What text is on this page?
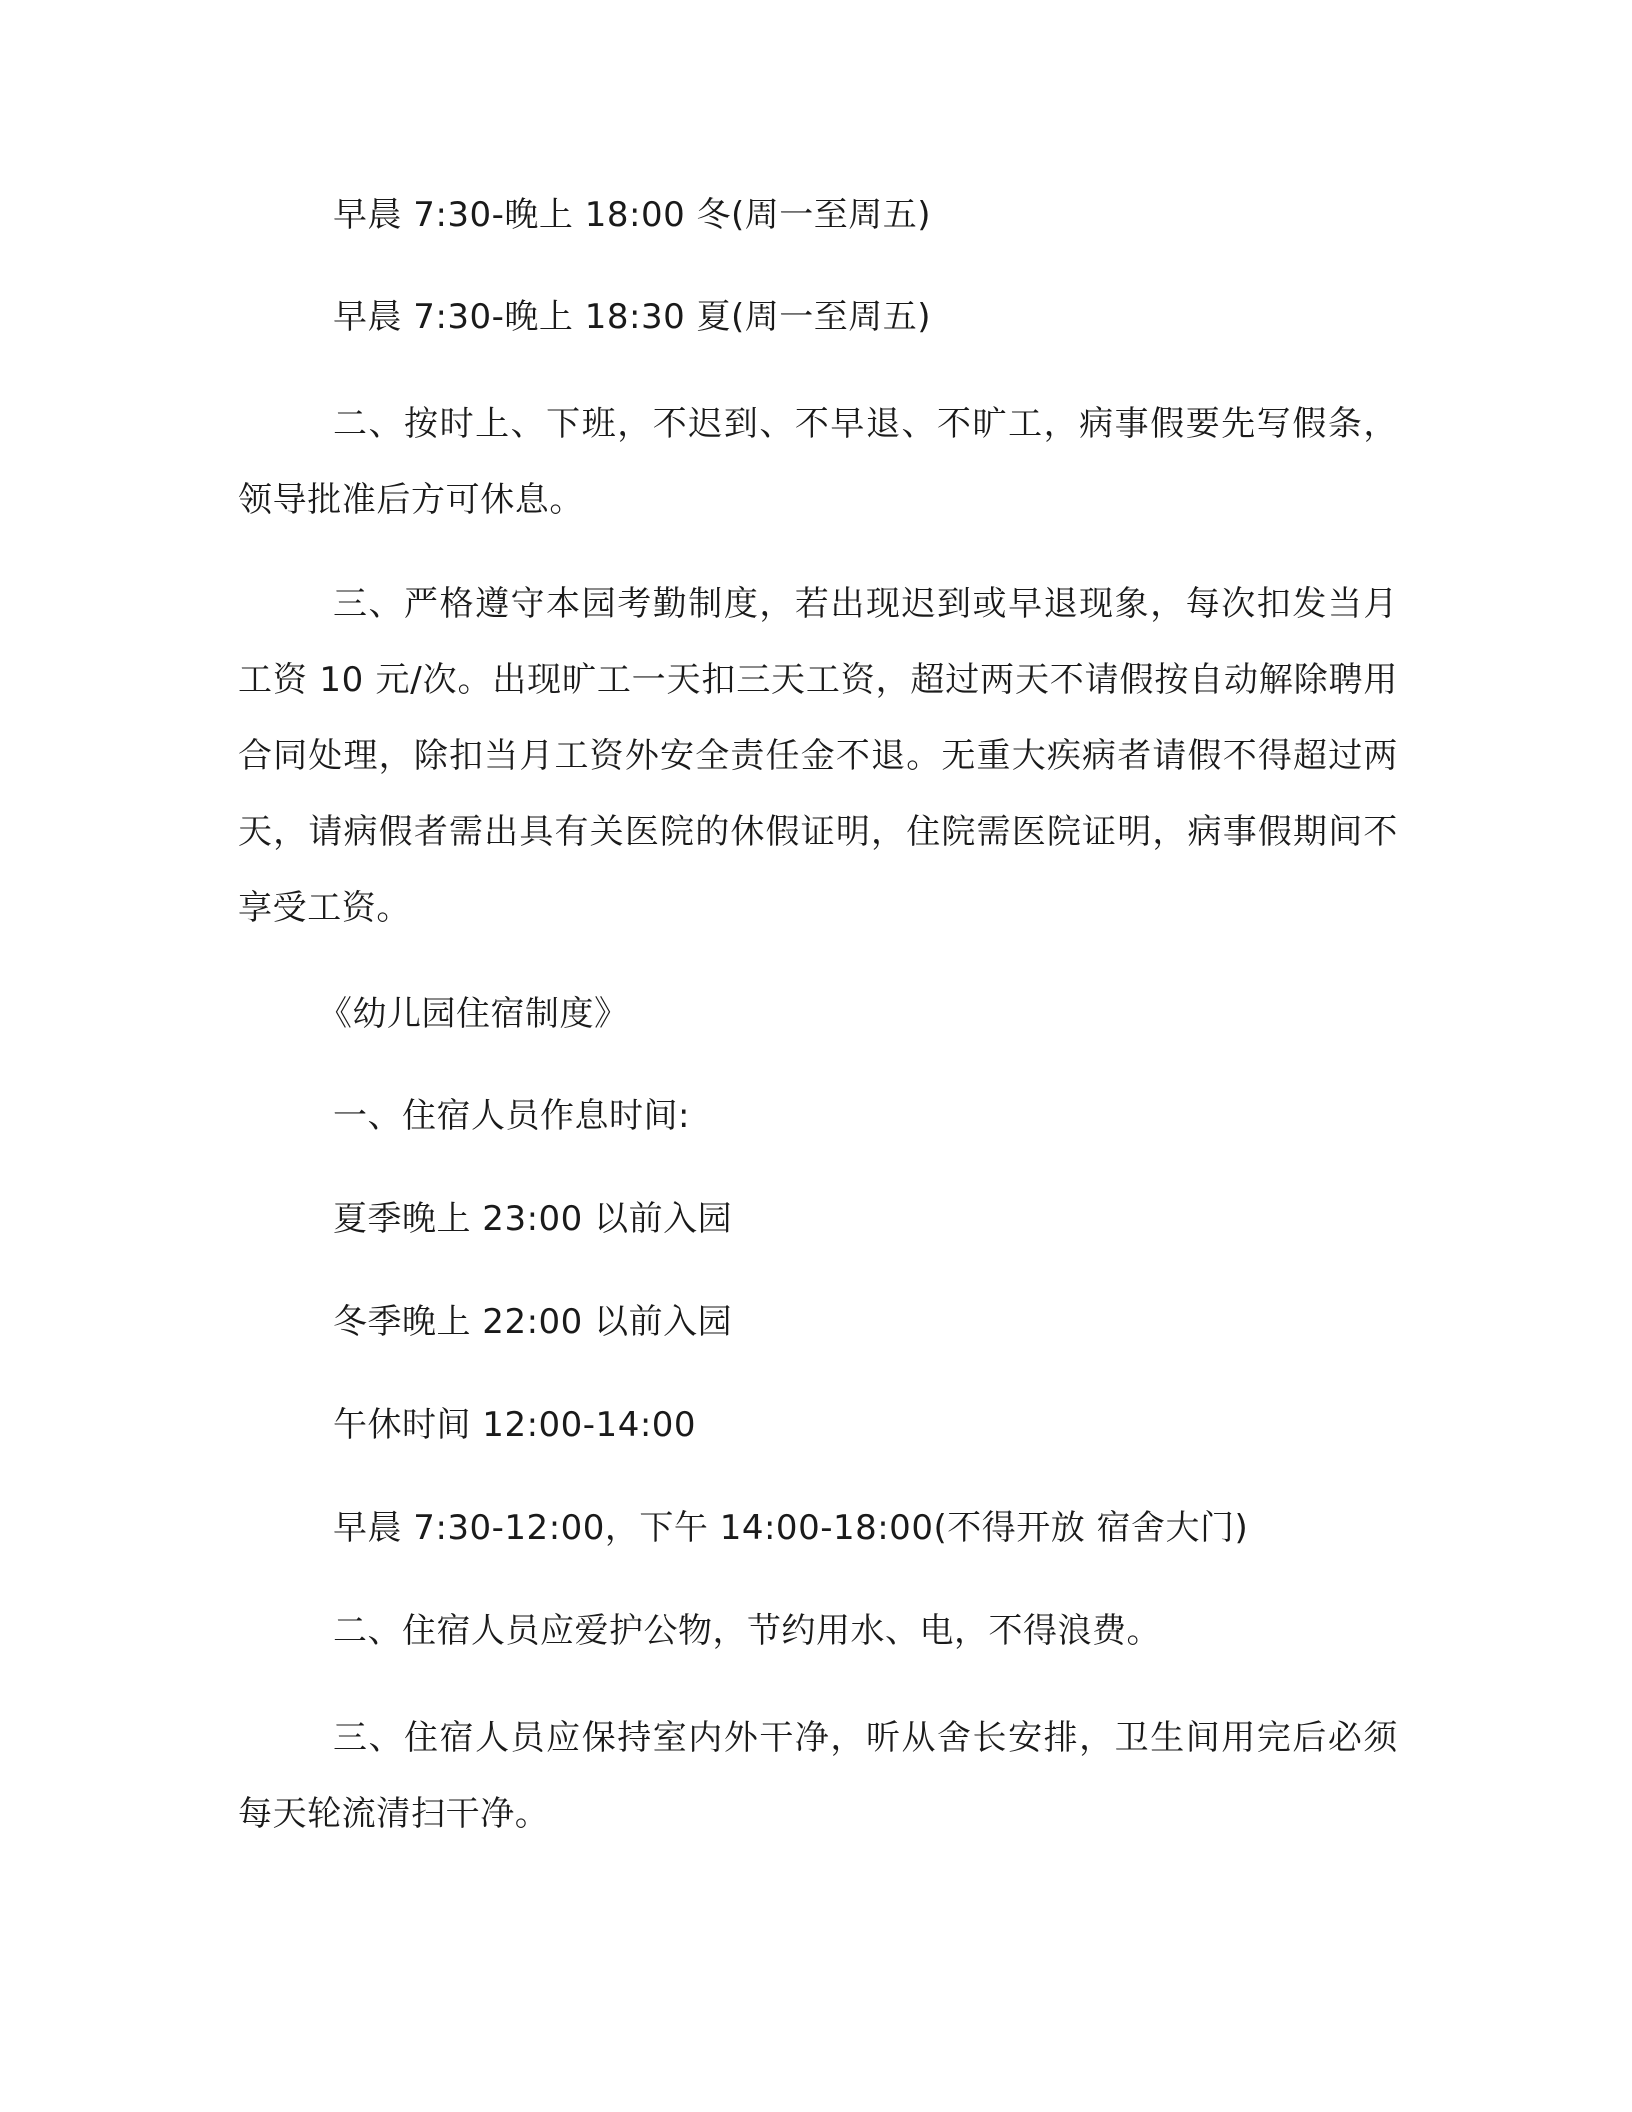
早晨 7:30-晚上 18:00 冬(周一至周五)
早晨 7:30-晚上 18:30 夏(周一至周五)
二、按时上、下班，不迟到、不早退、不旷工，病事假要先写假条，领导批准后方可休息。
三、严格遵守本园考勤制度，若出现迟到或早退现象，每次扣发当月工资 10 元/次。出现旷工一天扣三天工资，超过两天不请假按自动解除聘用合同处理，除扣当月工资外安全责任金不退。无重大疾病者请假不得超过两天，请病假者需出具有关医院的休假证明，住院需医院证明，病事假期间不享受工资。
《幼儿园住宿制度》
一、住宿人员作息时间:
夏季晚上 23:00 以前入园
冬季晚上 22:00 以前入园
午休时间 12:00-14:00
早晨 7:30-12:00，下午 14:00-18:00(不得开放 宿舍大门)
二、住宿人员应爱护公物，节约用水、电，不得浪费。
三、住宿人员应保持室内外干净，听从舍长安排，卫生间用完后必须每天轮流清扫干净。
